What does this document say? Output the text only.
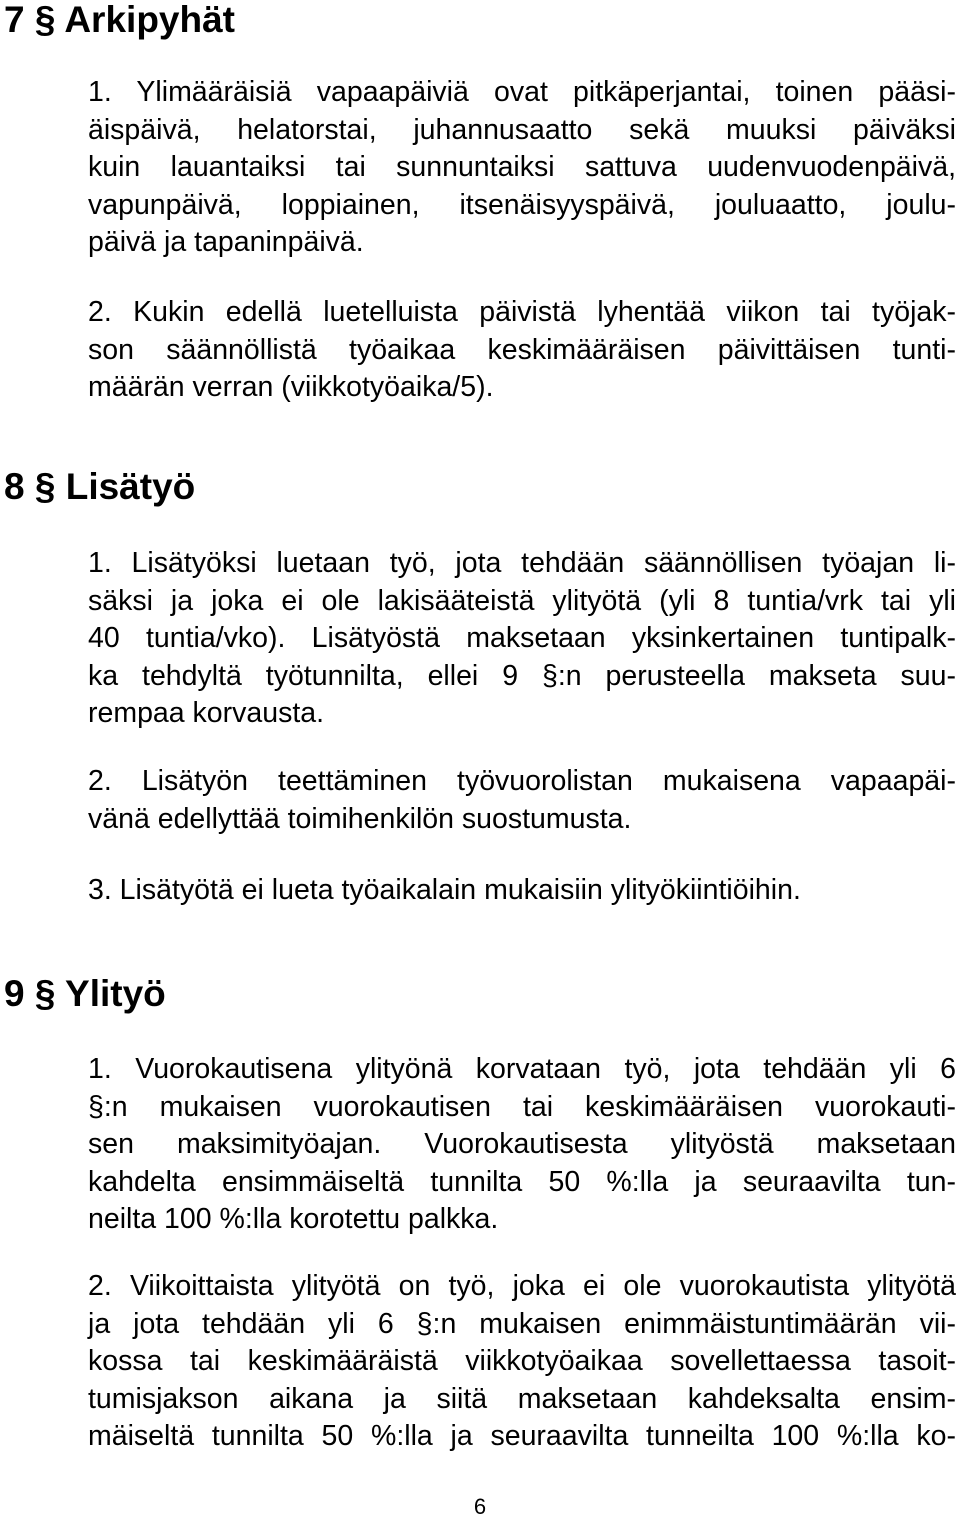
7 § Arkipyhät
1. Ylimääräisiä vapaapäiviä ovat pitkäperjantai, toinen pääsi-
äispäivä, helatorstai, juhannusaatto sekä muuksi päiväksi
kuin lauantaiksi tai sunnuntaiksi sattuva uudenvuodenpäivä,
vapunpäivä, loppiainen, itsenäisyyspäivä, jouluaatto, joulu-
päivä ja tapaninpäivä.
2. Kukin edellä luetelluista päivistä lyhentää viikon tai työjak-
son säännöllistä työaikaa keskimääräisen päivittäisen tunti-
määrän verran (viikkotyöaika/5).
8 § Lisätyö
1. Lisätyöksi luetaan työ, jota tehdään säännöllisen työajan li-
säksi ja joka ei ole lakisääteistä ylityötä (yli 8 tuntia/vrk tai yli
40 tuntia/vko). Lisätyöstä maksetaan yksinkertainen tuntipalk-
ka tehdyltä työtunnilta, ellei 9 §:n perusteella makseta suu-
rempaa korvausta.
2. Lisätyön teettäminen työvuorolistan mukaisena vapaapäi-
vänä edellyttää toimihenkilön suostumusta.
3. Lisätyötä ei lueta työaikalain mukaisiin ylityökiintiöihin.
9 § Ylityö
1. Vuorokautisena ylityönä korvataan työ, jota tehdään yli 6
§:n mukaisen vuorokautisen tai keskimääräisen vuorokauti-
sen maksimityöajan. Vuorokautisesta ylityöstä maksetaan
kahdelta ensimmäiseltä tunnilta 50 %:lla ja seuraavilta tun-
neilta 100 %:lla korotettu palkka.
2. Viikoittaista ylityötä on työ, joka ei ole vuorokautista ylityötä
ja jota tehdään yli 6 §:n mukaisen enimmäistuntimäärän vii-
kossa tai keskimääräistä viikkotyöaikaa sovellettaessa tasoit-
tumisjakson aikana ja siitä maksetaan kahdeksalta ensim-
mäiseltä tunnilta 50 %:lla ja seuraavilta tunneilta 100 %:lla ko-
6
